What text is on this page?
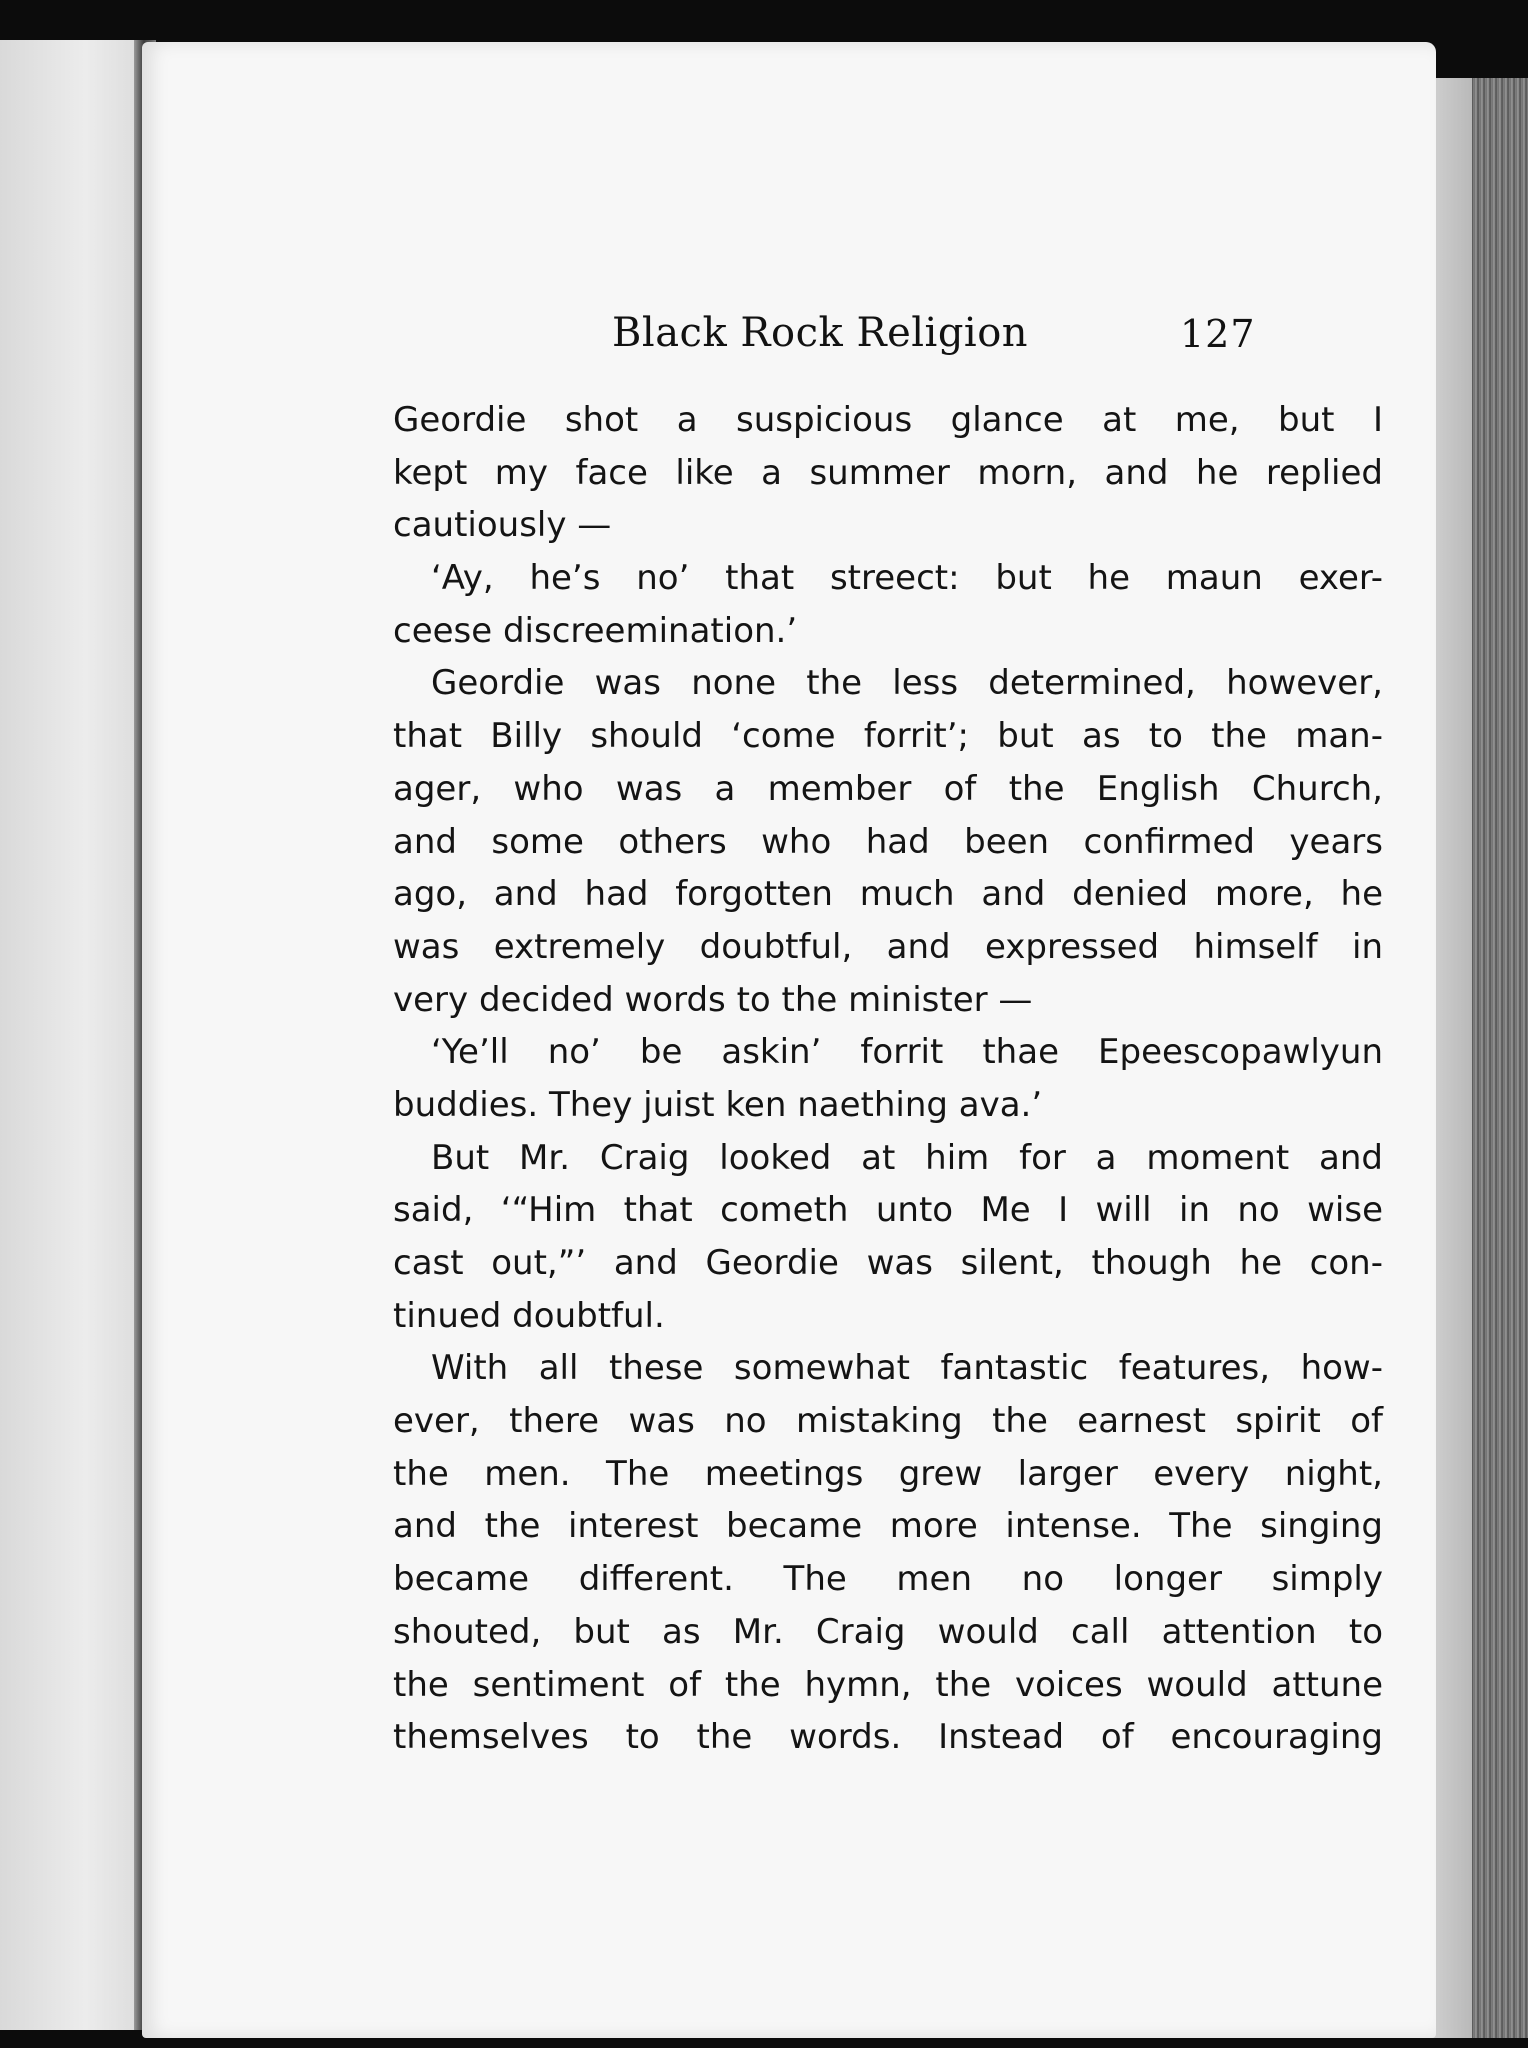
Black Rock Religion	127
Geordie shot a suspicious glance at me, but I
kept my face like a summer morn, and he replied
cautiously —
‘Ay, he’s no’ that streect: but he maun exer-
ceese discreemination.’
Geordie was none the less determined, however,
that Billy should ‘come forrit’; but as to the man-
ager, who was a member of the English Church,
and some others who had been confirmed years
ago, and had forgotten much and denied more, he
was extremely doubtful, and expressed himself in
very decided words to the minister —
‘Ye’ll no’ be askin’ forrit thae Epeescopawlyun
buddies. They juist ken naething ava.’
But Mr. Craig looked at him for a moment and
said, ‘“Him that cometh unto Me I will in no wise
cast out,”’ and Geordie was silent, though he con-
tinued doubtful.
With all these somewhat fantastic features, how-
ever, there was no mistaking the earnest spirit of
the men. The meetings grew larger every night,
and the interest became more intense. The singing
became different. The men no longer simply
shouted, but as Mr. Craig would call attention to
the sentiment of the hymn, the voices would attune
themselves to the words. Instead of encouraging
